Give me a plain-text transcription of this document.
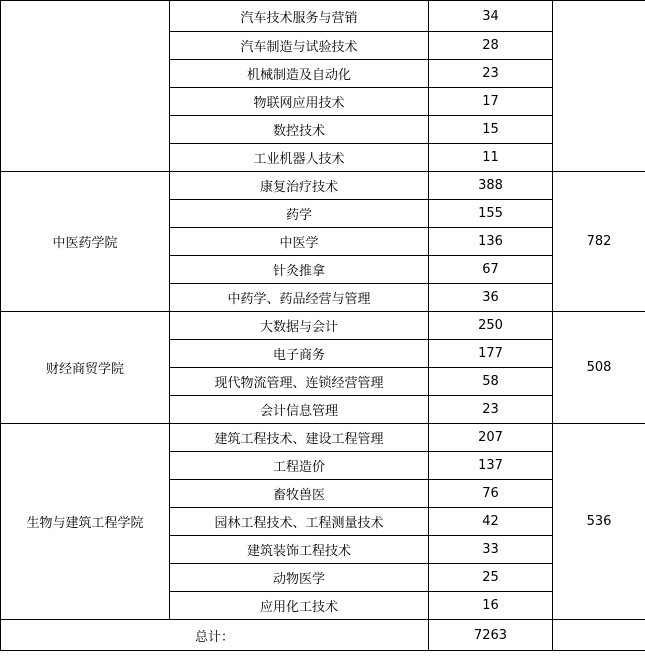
	汽车技术服务与营销	34	
	汽车制造与试验技术	28	
	机械制造及自动化	23	
	物联网应用技术	17	
	数控技术	15	
	工业机器人技术	11	
中医药学院	康复治疗技术	388	782
	药学	155	
	中医学	136	
	针灸推拿	67	
	中药学、药品经营与管理	36	
财经商贸学院	大数据与会计	250	508
	电子商务	177	
	现代物流管理、连锁经营管理	58	
	会计信息管理	23	
生物与建筑工程学院	建筑工程技术、建设工程管理	207	536
	工程造价	137	
	畜牧兽医	76	
	园林工程技术、工程测量技术	42	
	建筑装饰工程技术	33	
	动物医学	25	
	应用化工技术	16	
总计：		7263	
